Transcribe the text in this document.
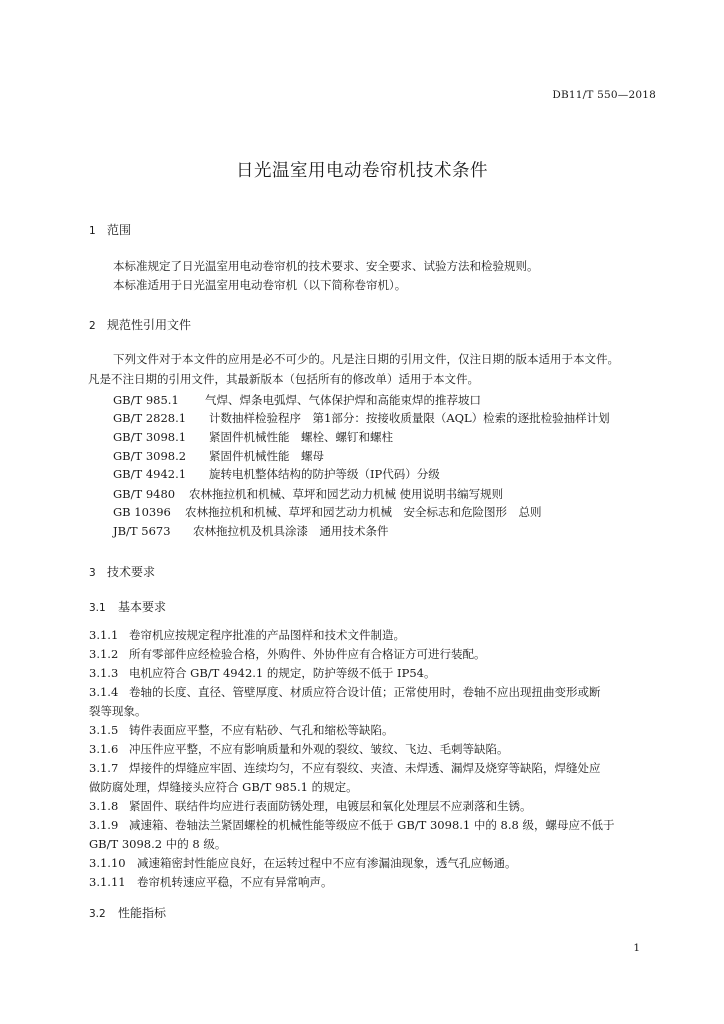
DB11/T 550—2018
日光温室用电动卷帘机技术条件
1 范围
本标准规定了日光温室用电动卷帘机的技术要求、安全要求、试验方法和检验规则。
本标准适用于日光温室用电动卷帘机（以下简称卷帘机）。
2 规范性引用文件
下列文件对于本文件的应用是必不可少的。凡是注日期的引用文件，仅注日期的版本适用于本文件。
凡是不注日期的引用文件，其最新版本（包括所有的修改单）适用于本文件。
GB/T 985.1 气焊、焊条电弧焊、气体保护焊和高能束焊的推荐坡口
GB/T 2828.1 计数抽样检验程序　第1部分：按接收质量限（AQL）检索的逐批检验抽样计划
GB/T 3098.1 紧固件机械性能　螺栓、螺钉和螺柱
GB/T 3098.2 紧固件机械性能　螺母
GB/T 4942.1 旋转电机整体结构的防护等级（IP代码）分级
GB/T 9480 农林拖拉机和机械、草坪和园艺动力机械 使用说明书编写规则
GB 10396 农林拖拉机和机械、草坪和园艺动力机械　安全标志和危险图形　总则
JB/T 5673 农林拖拉机及机具涂漆　通用技术条件
3 技术要求
3.1 基本要求
3.1.1 卷帘机应按规定程序批准的产品图样和技术文件制造。
3.1.2 所有零部件应经检验合格，外购件、外协件应有合格证方可进行装配。
3.1.3 电机应符合 GB/T 4942.1 的规定，防护等级不低于 IP54。
3.1.4 卷轴的长度、直径、管壁厚度、材质应符合设计值；正常使用时，卷轴不应出现扭曲变形或断
裂等现象。
3.1.5 铸件表面应平整，不应有粘砂、气孔和缩松等缺陷。
3.1.6 冲压件应平整，不应有影响质量和外观的裂纹、皱纹、飞边、毛刺等缺陷。
3.1.7 焊接件的焊缝应牢固、连续均匀，不应有裂纹、夹渣、未焊透、漏焊及烧穿等缺陷，焊缝处应
做防腐处理，焊缝接头应符合 GB/T 985.1 的规定。
3.1.8 紧固件、联结件均应进行表面防锈处理，电镀层和氧化处理层不应剥落和生锈。
3.1.9 减速箱、卷轴法兰紧固螺栓的机械性能等级应不低于 GB/T 3098.1 中的 8.8 级，螺母应不低于
GB/T 3098.2 中的 8 级。
3.1.10 减速箱密封性能应良好，在运转过程中不应有渗漏油现象，透气孔应畅通。
3.1.11 卷帘机转速应平稳，不应有异常响声。
3.2 性能指标
1
